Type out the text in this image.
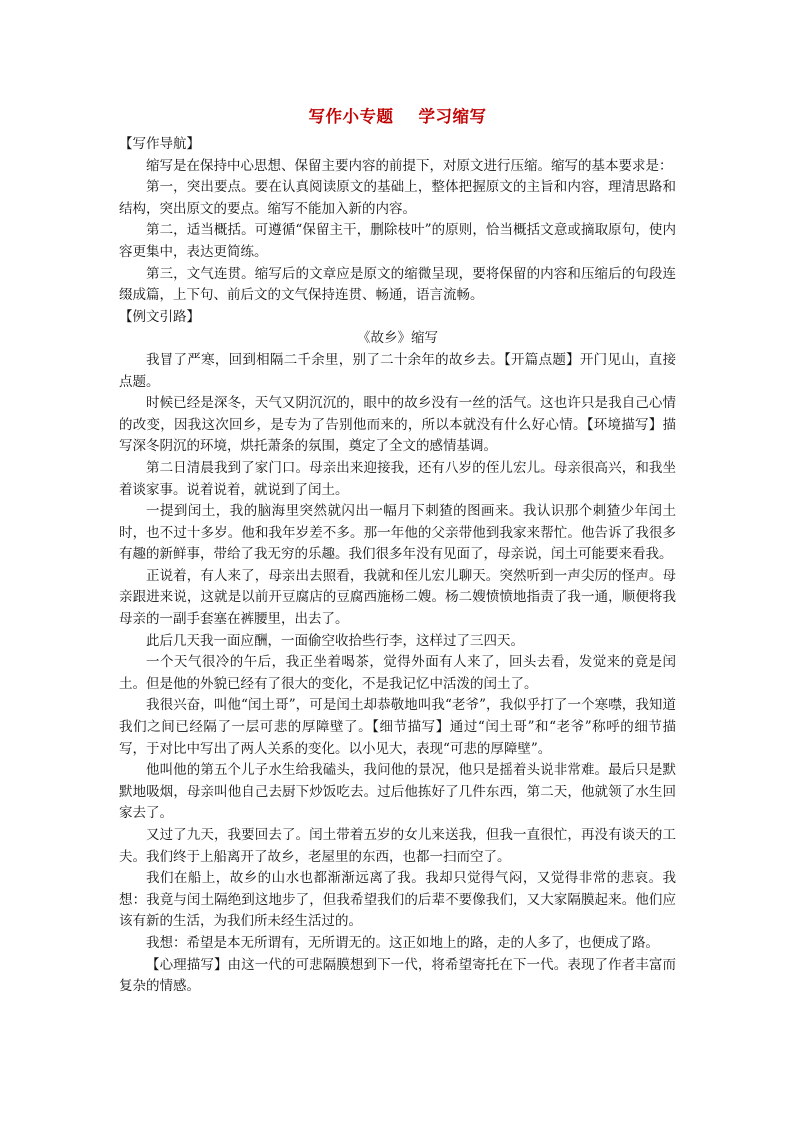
写作小专题    学习缩写
【写作导航】

缩写是在保持中心思想、保留主要内容的前提下，对原文进行压缩。缩写的基本要求是：

第一，突出要点。要在认真阅读原文的基础上，整体把握原文的主旨和内容，理清思路和结构，突出原文的要点。缩写不能加入新的内容。

第二，适当概括。可遵循“保留主干，删除枝叶”的原则，恰当概括文意或摘取原句，使内容更集中，表达更简练。

第三，文气连贯。缩写后的文章应是原文的缩微呈现，要将保留的内容和压缩后的句段连缀成篇，上下句、前后文的文气保持连贯、畅通，语言流畅。

【例文引路】
《故乡》缩写

我冒了严寒，回到相隔二千余里，别了二十余年的故乡去。【开篇点题】开门见山，直接点题。

时候已经是深冬，天气又阴沉沉的，眼中的故乡没有一丝的活气。这也许只是我自己心情的改变，因我这次回乡，是专为了告别他而来的，所以本就没有什么好心情。【环境描写】描写深冬阴沉的环境，烘托萧条的氛围，奠定了全文的感情基调。

第二日清晨我到了家门口。母亲出来迎接我，还有八岁的侄儿宏儿。母亲很高兴，和我坐着谈家事。说着说着，就说到了闰土。

一提到闰土，我的脑海里突然就闪出一幅月下刺猹的图画来。我认识那个刺猹少年闰土时，也不过十多岁。他和我年岁差不多。那一年他的父亲带他到我家来帮忙。他告诉了我很多有趣的新鲜事，带给了我无穷的乐趣。我们很多年没有见面了，母亲说，闰土可能要来看我。

正说着，有人来了，母亲出去照看，我就和侄儿宏儿聊天。突然听到一声尖厉的怪声。母亲跟进来说，这就是以前开豆腐店的豆腐西施杨二嫂。杨二嫂愤愤地指责了我一通，顺便将我母亲的一副手套塞在裤腰里，出去了。

此后几天我一面应酬，一面偷空收拾些行李，这样过了三四天。

一个天气很冷的午后，我正坐着喝茶，觉得外面有人来了，回头去看，发觉来的竟是闰土。但是他的外貌已经有了很大的变化，不是我记忆中活泼的闰土了。

我很兴奋，叫他“闰土哥”，可是闰土却恭敬地叫我“老爷”，我似乎打了一个寒噤，我知道我们之间已经隔了一层可悲的厚障壁了。【细节描写】通过“闰土哥”和“老爷”称呼的细节描写，于对比中写出了两人关系的变化。以小见大，表现“可悲的厚障壁”。

他叫他的第五个儿子水生给我磕头，我问他的景况，他只是摇着头说非常难。最后只是默默地吸烟，母亲叫他自己去厨下炒饭吃去。过后他拣好了几件东西，第二天，他就领了水生回家去了。

又过了九天，我要回去了。闰土带着五岁的女儿来送我，但我一直很忙，再没有谈天的工夫。我们终于上船离开了故乡，老屋里的东西，也都一扫而空了。

我们在船上，故乡的山水也都渐渐远离了我。我却只觉得气闷，又觉得非常的悲哀。我想：我竟与闰土隔绝到这地步了，但我希望我们的后辈不要像我们，又大家隔膜起来。他们应该有新的生活，为我们所未经生活过的。

我想：希望是本无所谓有，无所谓无的。这正如地上的路，走的人多了，也便成了路。

【心理描写】由这一代的可悲隔膜想到下一代，将希望寄托在下一代。表现了作者丰富而复杂的情感。
